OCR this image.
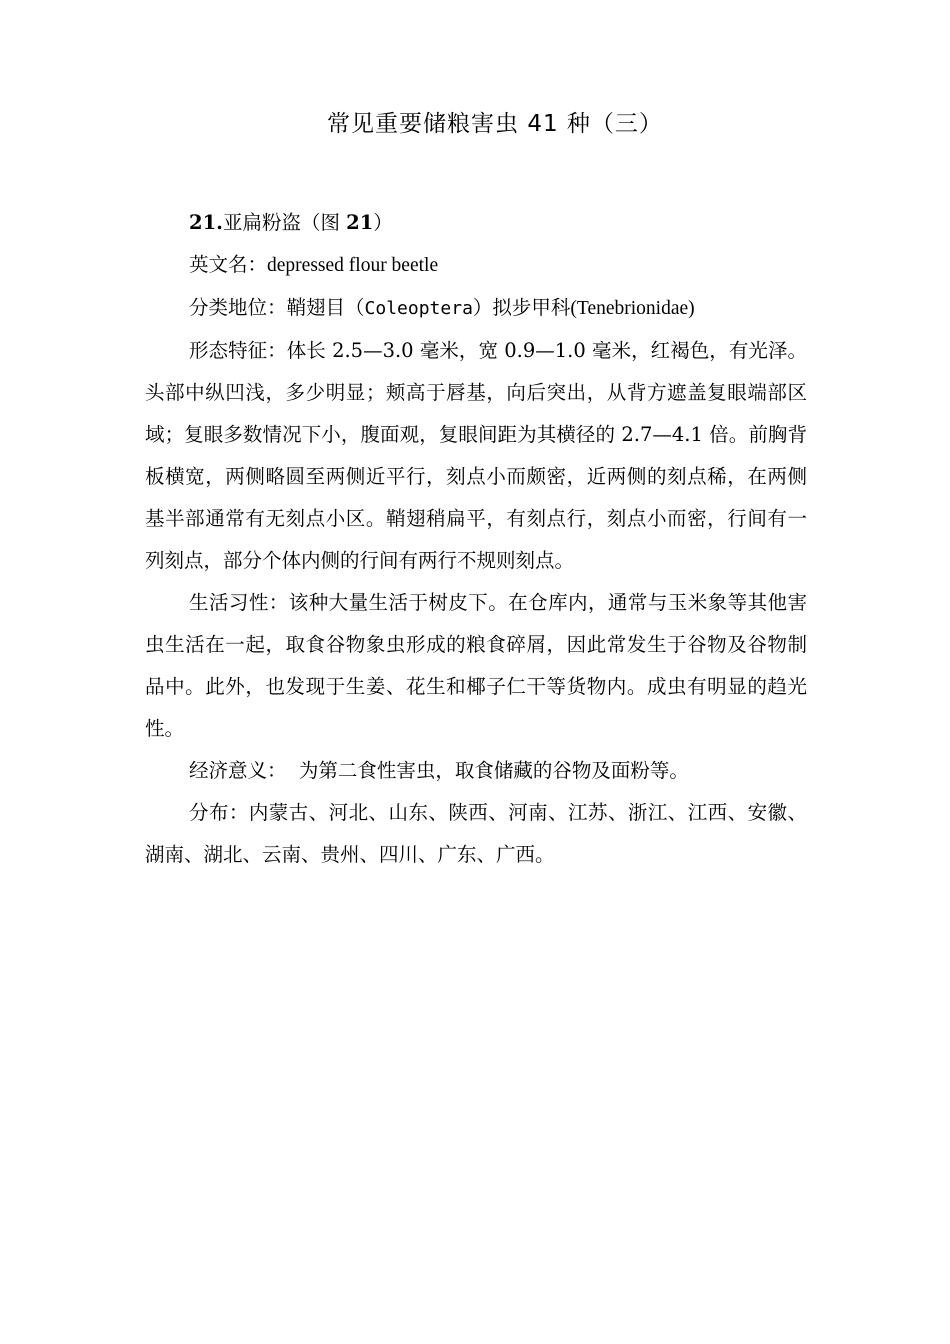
常见重要储粮害虫 41 种（三）

21.亚扁粉盗（图 21）

英文名：depressed flour beetle

分类地位：鞘翅目（Coleoptera）拟步甲科(Tenebrionidae)

形态特征：体长 2.5—3.0 毫米，宽 0.9—1.0 毫米，红褐色，有光泽。头部中纵凹浅，多少明显；颊高于唇基，向后突出，从背方遮盖复眼端部区域；复眼多数情况下小，腹面观，复眼间距为其横径的 2.7—4.1 倍。前胸背板横宽，两侧略圆至两侧近平行，刻点小而颇密，近两侧的刻点稀，在两侧基半部通常有无刻点小区。鞘翅稍扁平，有刻点行，刻点小而密，行间有一列刻点，部分个体内侧的行间有两行不规则刻点。

生活习性：该种大量生活于树皮下。在仓库内，通常与玉米象等其他害虫生活在一起，取食谷物象虫形成的粮食碎屑，因此常发生于谷物及谷物制品中。此外，也发现于生姜、花生和椰子仁干等货物内。成虫有明显的趋光性。

经济意义： 为第二食性害虫，取食储藏的谷物及面粉等。

分布：内蒙古、河北、山东、陕西、河南、江苏、浙江、江西、安徽、湖南、湖北、云南、贵州、四川、广东、广西。
